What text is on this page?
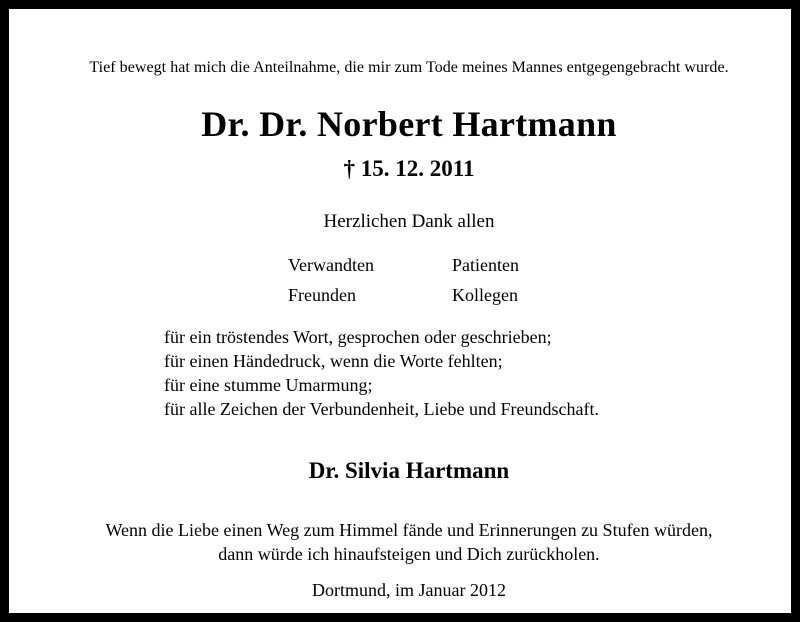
Tief bewegt hat mich die Anteilnahme, die mir zum Tode meines Mannes entgegengebracht wurde.
Dr. Dr. Norbert Hartmann
† 15. 12. 2011
Herzlichen Dank allen
Verwandten	Patienten
Freunden	Kollegen
für ein tröstendes Wort, gesprochen oder geschrieben;
für einen Händedruck, wenn die Worte fehlten;
für eine stumme Umarmung;
für alle Zeichen der Verbundenheit, Liebe und Freundschaft.
Dr. Silvia Hartmann
Wenn die Liebe einen Weg zum Himmel fände und Erinnerungen zu Stufen würden,
dann würde ich hinaufsteigen und Dich zurückholen.
Dortmund, im Januar 2012
